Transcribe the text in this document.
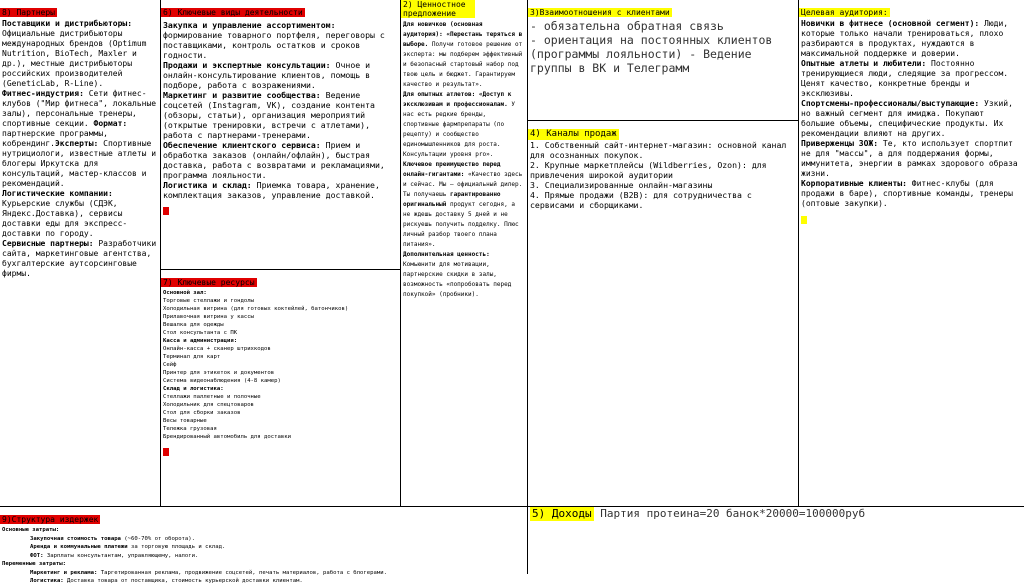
8) Партнеры
Поставщики и дистрибьюторы: Официальные дистрибьюторы международных брендов (Optimum Nutrition, BioTech, Maxler и др.), местные дистрибьюторы российских производителей (GeneticLab, R-Line).
Фитнес-индустрия: Сети фитнес-клубов ("Мир фитнеса", локальные залы), персональные тренеры, спортивные секции. Формат: партнерские программы, кобрендинг.Эксперты: Спортивные нутрициологи, известные атлеты и блогеры Иркутска для консультаций, мастер-классов и рекомендаций.
Логистические компании: Курьерские службы (СДЭК, Яндекс.Доставка), сервисы доставки еды для экспресс-доставки по городу.
Сервисные партнеры: Разработчики сайта, маркетинговые агентства, бухгалтерские аутсорсинговые фирмы.
6) Ключевые виды деятельности
Закупка и управление ассортиментом: формирование товарного портфеля, переговоры с поставщиками, контроль остатков и сроков годности.
Продажи и экспертные консультации: Очное и онлайн-консультирование клиентов, помощь в подборе, работа с возражениями.
Маркетинг и развитие сообщества: Ведение соцсетей (Instagram, VK), создание контента (обзоры, статьи), организация мероприятий (открытые тренировки, встречи с атлетами), работа с партнерами-тренерами.
Обеспечение клиентского сервиса: Прием и обработка заказов (онлайн/офлайн), быстрая доставка, работа с возвратами и рекламациями, программа лояльности.
Логистика и склад: Приемка товара, хранение, комплектация заказов, управление доставкой.
7) Ключевые ресурсы
Основной зал:
Торговые стеллажи и гондолы
Холодильная витрина (для готовых коктейлей, батончиков)
Прилавочная витрина у кассы
Вешалка для одежды
Стол консультанта с ПК
Касса и администрация:
Онлайн-касса + сканер штрихкодов
Терминал для карт
Сейф
Принтер для этикеток и документов
Система видеонаблюдения (4-8 камер)
Склад и логистика:
Стеллажи паллетные и полочные
Холодильник для спецтоваров
Стол для сборки заказов
Весы товарные
Тележка грузовая
Брендированный автомобиль для доставки
2) Ценностное предложение
Для новичков (основная аудитория): «Перестань теряться в выборе. Получи готовое решение от эксперта: мы подберем эффективный и безопасный стартовый набор под твою цель и бюджет. Гарантируем качество и результат».
Для опытных атлетов: «Доступ к эксклюзивам и профессионалам. У нас есть редкие бренды, спортивные фармпрепараты (по рецепту) и сообщество единомышленников для роста. Консультации уровня pro».
Ключевое преимущество перед онлайн-гигантами: «Качество здесь и сейчас. Мы — официальный дилер. Ты получаешь гарантированно оригинальный продукт сегодня, а не ждешь доставку 5 дней и не рискуешь получить подделку. Плюс личный разбор твоего плана питания».
Дополнительная ценность: Комьюнити для мотивации, партнерские скидки в залы, возможность «попробовать перед покупкой» (пробники).
3)Взаимоотношения с клиентами
- обязательна обратная связь
- ориентация на постоянных клиентов (программы лояльности) - Ведение группы в ВК и Телеграмм
4) Каналы продаж
1. Собственный сайт-интернет-магазин: основной канал для осознанных покупок.
2. Крупные маркетплейсы (Wildberries, Ozon): для привлечения широкой аудитории
3. Специализированные онлайн-магазины
4. Прямые продажи (B2B): для сотрудничества с сервисами и сборщиками.
Целевая аудитория:
Новички в фитнесе (основной сегмент): Люди, которые только начали тренироваться, плохо разбираются в продуктах, нуждаются в максимальной поддержке и доверии.
Опытные атлеты и любители: Постоянно тренирующиеся люди, следящие за прогрессом. Ценят качество, конкретные бренды и эксклюзивы.
Спортсмены-профессионалы/выступающие: Узкий, но важный сегмент для имиджа. Покупают большие объемы, специфические продукты. Их рекомендации влияют на других.
Приверженцы ЗОЖ: Те, кто использует спортпит не для "массы", а для поддержания формы, иммунитета, энергии в рамках здорового образа жизни.
Корпоративные клиенты: Фитнес-клубы (для продажи в баре), спортивные команды, тренеры (оптовые закупки).
9)Структура издержек
Основные затраты:
Закупочная стоимость товара (~60-70% от оборота).
Аренда и коммунальные платежи за торговую площадь и склад.
ФОТ: Зарплаты консультантам, управляющему, налоги.
Переменные затраты:
Маркетинг и реклама: Таргетированная реклама, продвижение соцсетей, печать материалов, работа с блогерами.
Логистика: Доставка товара от поставщика, стоимость курьерской доставки клиентам.
5) Доходы Партия протеина=20 банок*20000=100000руб
